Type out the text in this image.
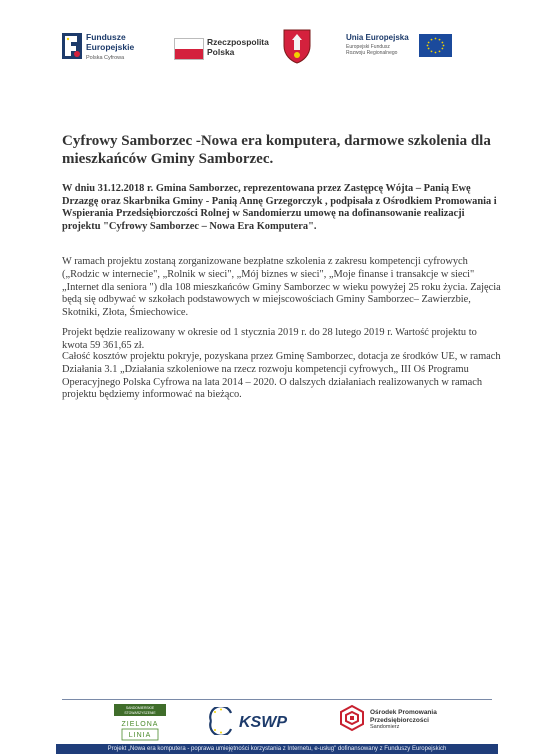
Fundusze
Europejskie
Polska Cyfrowa
Rzeczpospolita
Polska
Unia Europejska
Europejski Fundusz
Rozwoju Regionalnego
Cyfrowy Samborzec -Nowa era komputera, darmowe szkolenia dla mieszkańców Gminy Samborzec.
W dniu 31.12.2018 r. Gmina Samborzec, reprezentowana przez Zastępcę Wójta – Panią Ewę Drzazgę oraz Skarbnika Gminy - Panią Annę Grzegorczyk , podpisała z Ośrodkiem Promowania i Wspierania Przedsiębiorczości Rolnej w Sandomierzu umowę na dofinansowanie realizacji projektu "Cyfrowy Samborzec – Nowa Era Komputera".
W ramach projektu zostaną zorganizowane bezpłatne szkolenia z zakresu kompetencji cyfrowych („Rodzic w internecie", „Rolnik w sieci", „Mój biznes w sieci", „Moje finanse i transakcje w sieci" „Internet dla seniora ") dla 108 mieszkańców Gminy Samborzec w wieku powyżej 25 roku życia. Zajęcia będą się odbywać w szkołach podstawowych w miejscowościach Gminy Samborzec– Zawierzbie, Skotniki, Złota, Śmiechowice.
Projekt będzie realizowany w okresie od 1 stycznia 2019 r. do 28 lutego 2019 r. Wartość projektu to kwota 59 361,65 zł.
Całość kosztów projektu pokryje, pozyskana przez Gminę Samborzec, dotacja ze środków UE, w ramach Działania 3.1 „Działania szkoleniowe na rzecz rozwoju kompetencji cyfrowych„ III Oś Programu Operacyjnego Polska Cyfrowa na lata 2014 – 2020. O dalszych działaniach realizowanych w ramach projektu będziemy informować na bieżąco.
SANDOMIERSKIE
STOWARZYSZENIE
ZIELONA
LINIA
KSWP
Ośrodek Promowania
Przedsiębiorczości
Sandomierz
Projekt „Nowa era komputera - poprawa umiejętności korzystania z Internetu, e-usług" dofinansowany z Funduszy Europejskich
